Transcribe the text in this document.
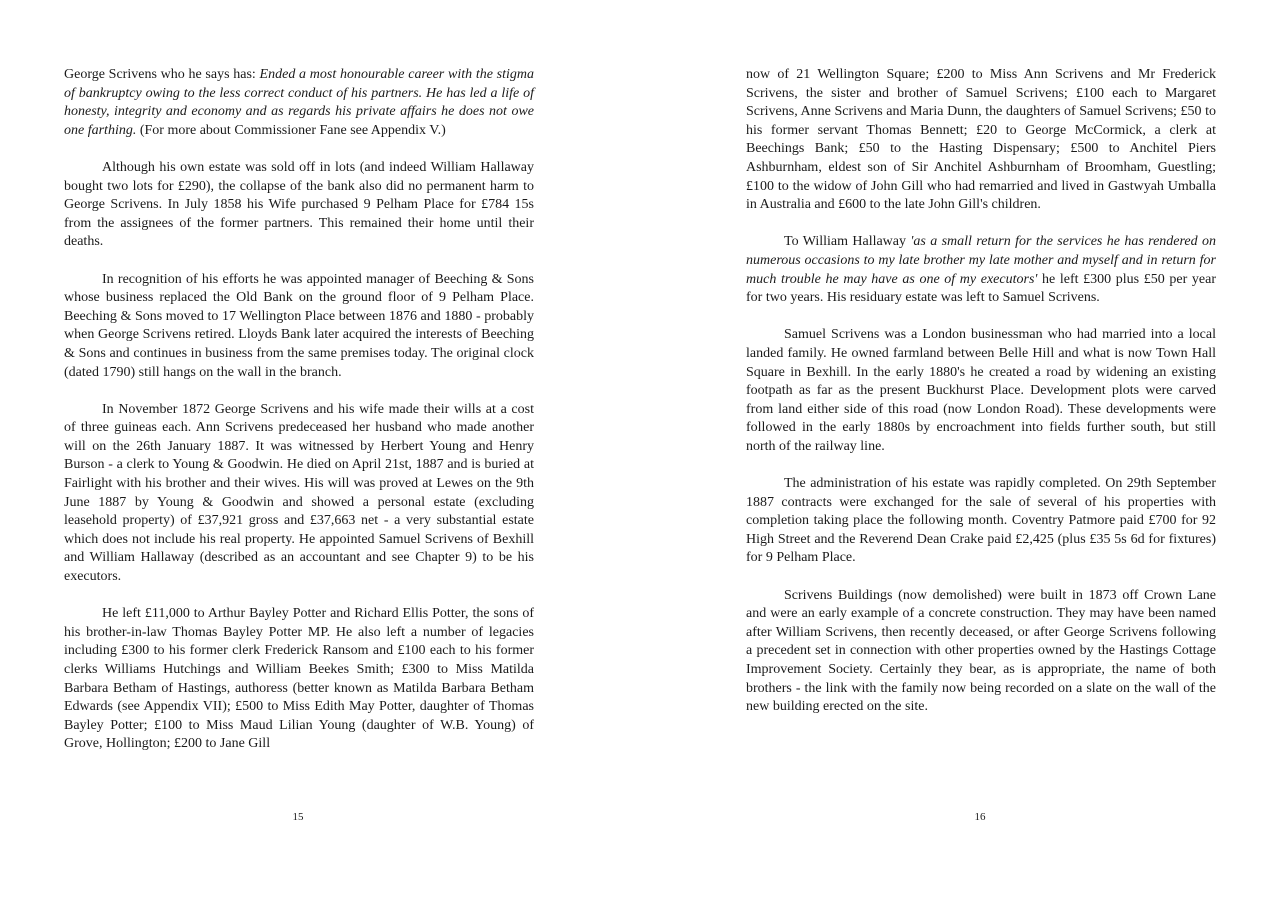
George Scrivens who he says has: Ended a most honourable career with the stigma of bankruptcy owing to the less correct conduct of his partners. He has led a life of honesty, integrity and economy and as regards his private affairs he does not owe one farthing. (For more about Commissioner Fane see Appendix V.)

Although his own estate was sold off in lots (and indeed William Hallaway bought two lots for £290), the collapse of the bank also did no permanent harm to George Scrivens. In July 1858 his Wife purchased 9 Pelham Place for £784 15s from the assignees of the former partners. This remained their home until their deaths.

In recognition of his efforts he was appointed manager of Beeching & Sons whose business replaced the Old Bank on the ground floor of 9 Pelham Place. Beeching & Sons moved to 17 Wellington Place between 1876 and 1880 - probably when George Scrivens retired. Lloyds Bank later acquired the interests of Beeching & Sons and continues in business from the same premises today. The original clock (dated 1790) still hangs on the wall in the branch.

In November 1872 George Scrivens and his wife made their wills at a cost of three guineas each. Ann Scrivens predeceased her husband who made another will on the 26th January 1887. It was witnessed by Herbert Young and Henry Burson - a clerk to Young & Goodwin. He died on April 21st, 1887 and is buried at Fairlight with his brother and their wives. His will was proved at Lewes on the 9th June 1887 by Young & Goodwin and showed a personal estate (excluding leasehold property) of £37,921 gross and £37,663 net - a very substantial estate which does not include his real property. He appointed Samuel Scrivens of Bexhill and William Hallaway (described as an accountant and see Chapter 9) to be his executors.

He left £11,000 to Arthur Bayley Potter and Richard Ellis Potter, the sons of his brother-in-law Thomas Bayley Potter MP. He also left a number of legacies including £300 to his former clerk Frederick Ransom and £100 each to his former clerks Williams Hutchings and William Beekes Smith; £300 to Miss Matilda Barbara Betham of Hastings, authoress (better known as Matilda Barbara Betham Edwards (see Appendix VII); £500 to Miss Edith May Potter, daughter of Thomas Bayley Potter; £100 to Miss Maud Lilian Young (daughter of W.B. Young) of Grove, Hollington; £200 to Jane Gill

15

now of 21 Wellington Square; £200 to Miss Ann Scrivens and Mr Frederick Scrivens, the sister and brother of Samuel Scrivens; £100 each to Margaret Scrivens, Anne Scrivens and Maria Dunn, the daughters of Samuel Scrivens; £50 to his former servant Thomas Bennett; £20 to George McCormick, a clerk at Beechings Bank; £50 to the Hasting Dispensary; £500 to Anchitel Piers Ashburnham, eldest son of Sir Anchitel Ashburnham of Broomham, Guestling; £100 to the widow of John Gill who had remarried and lived in Gastwyah Umballa in Australia and £600 to the late John Gill's children.

To William Hallaway 'as a small return for the services he has rendered on numerous occasions to my late brother my late mother and myself and in return for much trouble he may have as one of my executors' he left £300 plus £50 per year for two years. His residuary estate was left to Samuel Scrivens.

Samuel Scrivens was a London businessman who had married into a local landed family. He owned farmland between Belle Hill and what is now Town Hall Square in Bexhill. In the early 1880's he created a road by widening an existing footpath as far as the present Buckhurst Place. Development plots were carved from land either side of this road (now London Road). These developments were followed in the early 1880s by encroachment into fields further south, but still north of the railway line.

The administration of his estate was rapidly completed. On 29th September 1887 contracts were exchanged for the sale of several of his properties with completion taking place the following month. Coventry Patmore paid £700 for 92 High Street and the Reverend Dean Crake paid £2,425 (plus £35 5s 6d for fixtures) for 9 Pelham Place.

Scrivens Buildings (now demolished) were built in 1873 off Crown Lane and were an early example of a concrete construction. They may have been named after William Scrivens, then recently deceased, or after George Scrivens following a precedent set in connection with other properties owned by the Hastings Cottage Improvement Society. Certainly they bear, as is appropriate, the name of both brothers - the link with the family now being recorded on a slate on the wall of the new building erected on the site.

16
